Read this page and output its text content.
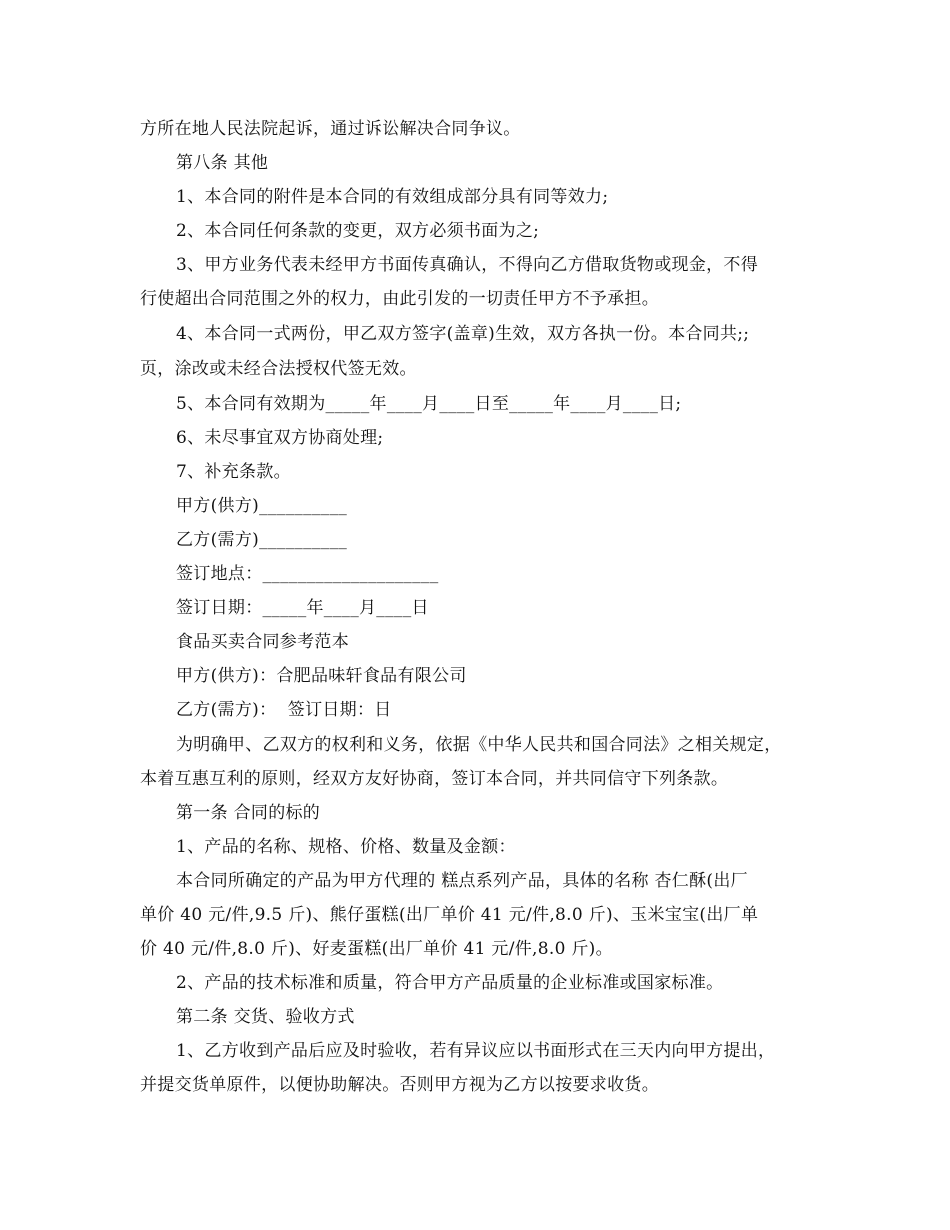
方所在地人民法院起诉，通过诉讼解决合同争议。
第八条 其他
1、本合同的附件是本合同的有效组成部分具有同等效力;
2、本合同任何条款的变更，双方必须书面为之;
3、甲方业务代表未经甲方书面传真确认，不得向乙方借取货物或现金，不得
行使超出合同范围之外的权力，由此引发的一切责任甲方不予承担。
4、本合同一式两份，甲乙双方签字(盖章)生效，双方各执一份。本合同共;;
页，涂改或未经合法授权代签无效。
5、本合同有效期为_____年____月____日至_____年____月____日;
6、未尽事宜双方协商处理;
7、补充条款。
甲方(供方)__________
乙方(需方)__________
签订地点：____________________
签订日期：_____年____月____日
食品买卖合同参考范本
甲方(供方)：合肥品味轩食品有限公司
乙方(需方)：  签订日期：日
为明确甲、乙双方的权利和义务，依据《中华人民共和国合同法》之相关规定，
本着互惠互利的原则，经双方友好协商，签订本合同，并共同信守下列条款。
第一条 合同的标的
1、产品的名称、规格、价格、数量及金额：
本合同所确定的产品为甲方代理的 糕点系列产品，具体的名称 杏仁酥(出厂
单价 40 元/件,9.5 斤)、熊仔蛋糕(出厂单价 41 元/件,8.0 斤)、玉米宝宝(出厂单
价 40 元/件,8.0 斤)、好麦蛋糕(出厂单价 41 元/件,8.0 斤)。
2、产品的技术标准和质量，符合甲方产品质量的企业标准或国家标准。
第二条 交货、验收方式
1、乙方收到产品后应及时验收，若有异议应以书面形式在三天内向甲方提出，
并提交货单原件，以便协助解决。否则甲方视为乙方以按要求收货。
